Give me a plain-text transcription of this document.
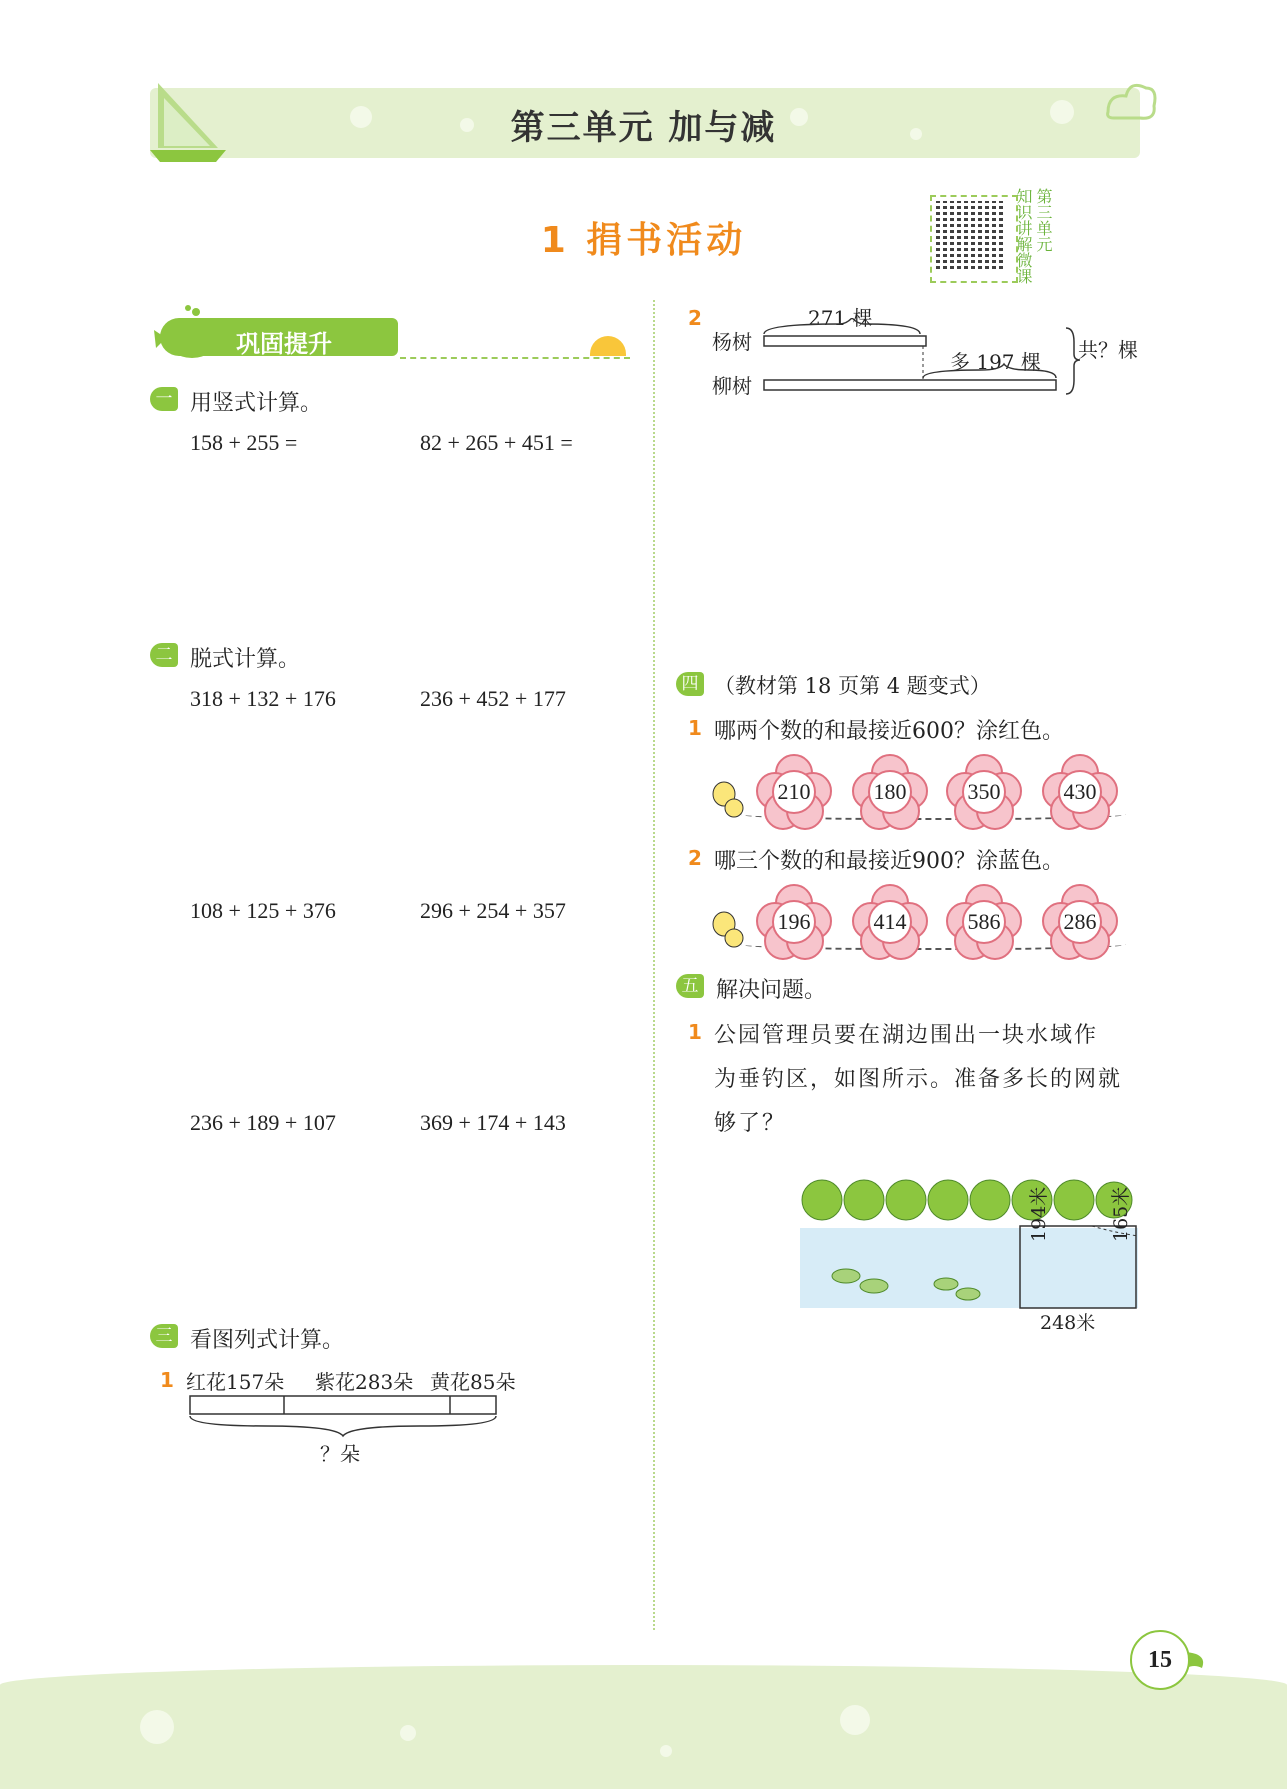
第三单元 加与减
1 捐书活动	第三单元
知识讲解微课
巩固提升
一 用竖式计算。
158 + 255 =	82 + 265 + 451 =
二 脱式计算。
318 + 132 + 176	236 + 452 + 177
108 + 125 + 376	296 + 254 + 357
236 + 189 + 107	369 + 174 + 143
三 看图列式计算。
1 红花157朵 紫花283朵 黄花85朵
？朵
2
杨树
柳树
271 棵
多 197 棵 共？棵
四 （教材第 18 页第 4 题变式）
1 哪两个数的和最接近600？涂红色。
210	180	350	430
2 哪三个数的和最接近900？涂蓝色。
196	414	586	286
五 解决问题。
1 公园管理员要在湖边围出一块水域作
为垂钓区，如图所示。准备多长的网就
够了？
194米	165米
248米
15
